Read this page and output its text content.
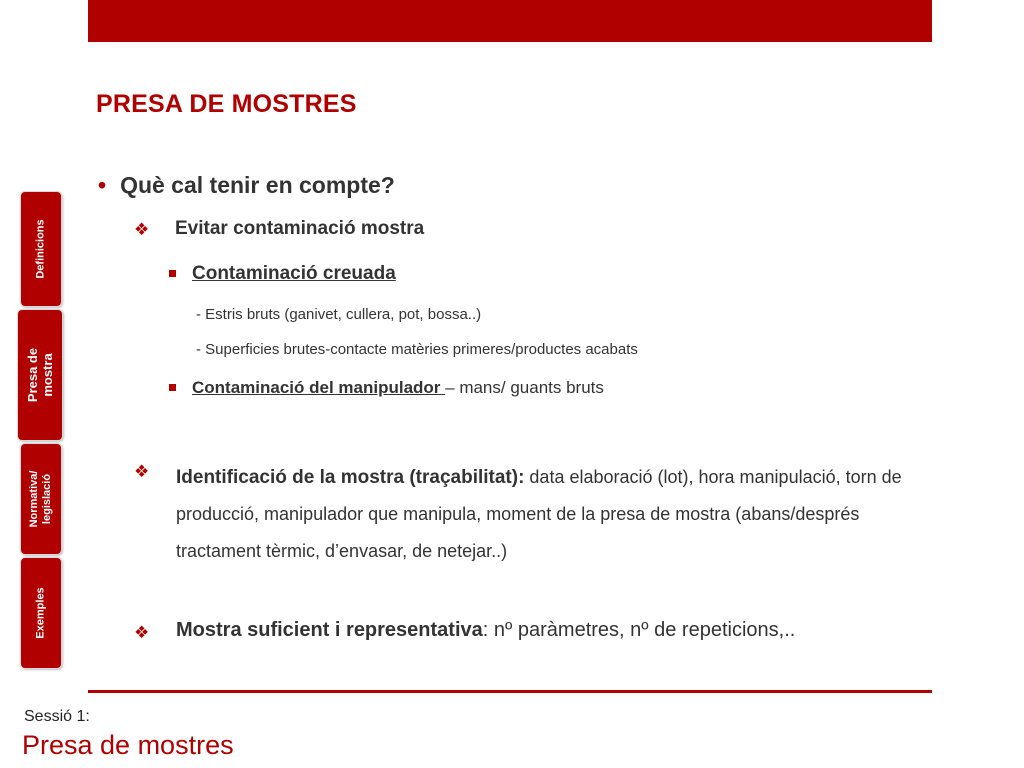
PRESA DE MOSTRES
Definicions
Presa de
mostra
Normativa/
legislació
Exemples
• Què cal tenir en compte?
❖ Evitar contaminació mostra
Contaminació creuada
- Estris bruts (ganivet, cullera, pot, bossa..)
- Superficies brutes-contacte matèries primeres/productes acabats
Contaminació del manipulador – mans/ guants bruts
❖ Identificació de la mostra (traçabilitat): data elaboració (lot), hora manipulació, torn de producció, manipulador que manipula, moment de la presa de mostra (abans/després tractament tèrmic, d’envasar, de netejar..)
❖ Mostra suficient i representativa: nº paràmetres, nº de repeticions,..
Sessió 1:
Presa de mostres
